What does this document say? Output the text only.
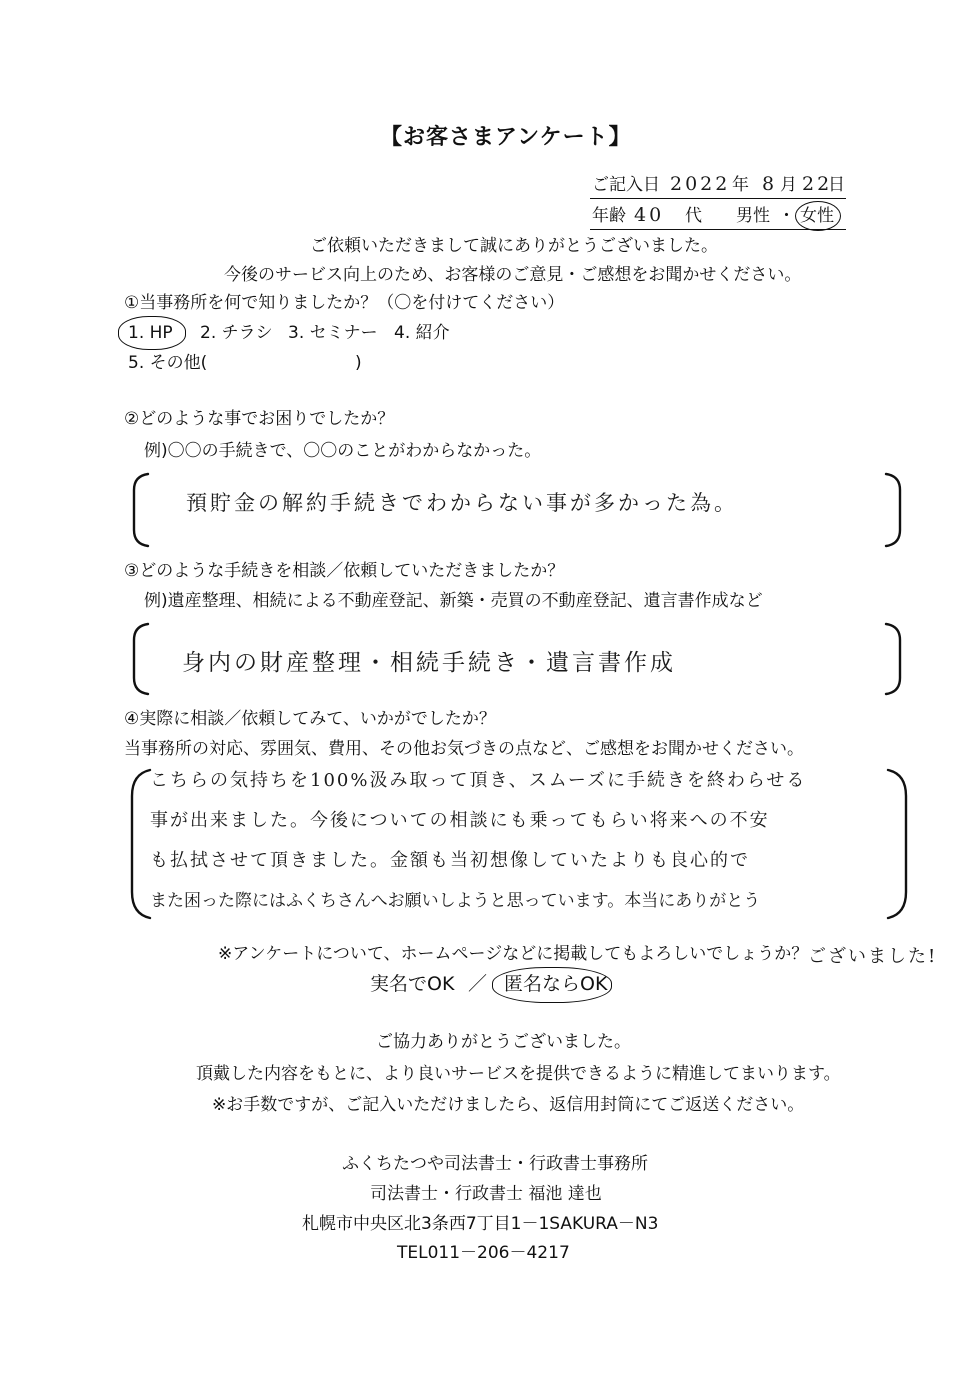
【お客さまアンケート】
ご記入日 2022 年 8 月 22
日
年齢 40 代 男性 ・ 女性
ご依頼いただきまして誠にありがとうございました。
今後のサービス向上のため、お客様のご意見・ご感想をお聞かせください。
①当事務所を何で知りましたか？（〇を付けてください）
1. HP 2. チラシ 3. セミナー 4. 紹介
5. その他(	)
②どのような事でお困りでしたか？
例)〇〇の手続きで、〇〇のことがわからなかった。
預貯金の解約手続きでわからない事が多かった為。
③どのような手続きを相談／依頼していただきましたか？
例)遺産整理、相続による不動産登記、新築・売買の不動産登記、遺言書作成など
身内の財産整理・相続手続き・遺言書作成
④実際に相談／依頼してみて、いかがでしたか？
当事務所の対応、雰囲気、費用、その他お気づきの点など、ご感想をお聞かせください。
こちらの気持ちを100%汲み取って頂き、スムーズに手続きを終わらせる
事が出来ました。今後についての相談にも乗ってもらい将来への不安
も払拭させて頂きました。金額も当初想像していたよりも良心的で
また困った際にはふくちさんへお願いしようと思っています。本当にありがとう
ございました!
※アンケートについて、ホームページなどに掲載してもよろしいでしょうか？
実名でOK ／ 匿名ならOK
ご協力ありがとうございました。
頂戴した内容をもとに、より良いサービスを提供できるように精進してまいります。
※お手数ですが、ご記入いただけましたら、返信用封筒にてご返送ください。
ふくちたつや司法書士・行政書士事務所
司法書士・行政書士 福池 達也
札幌市中央区北3条西7丁目1－1SAKURA－N3
TEL011－206－4217
